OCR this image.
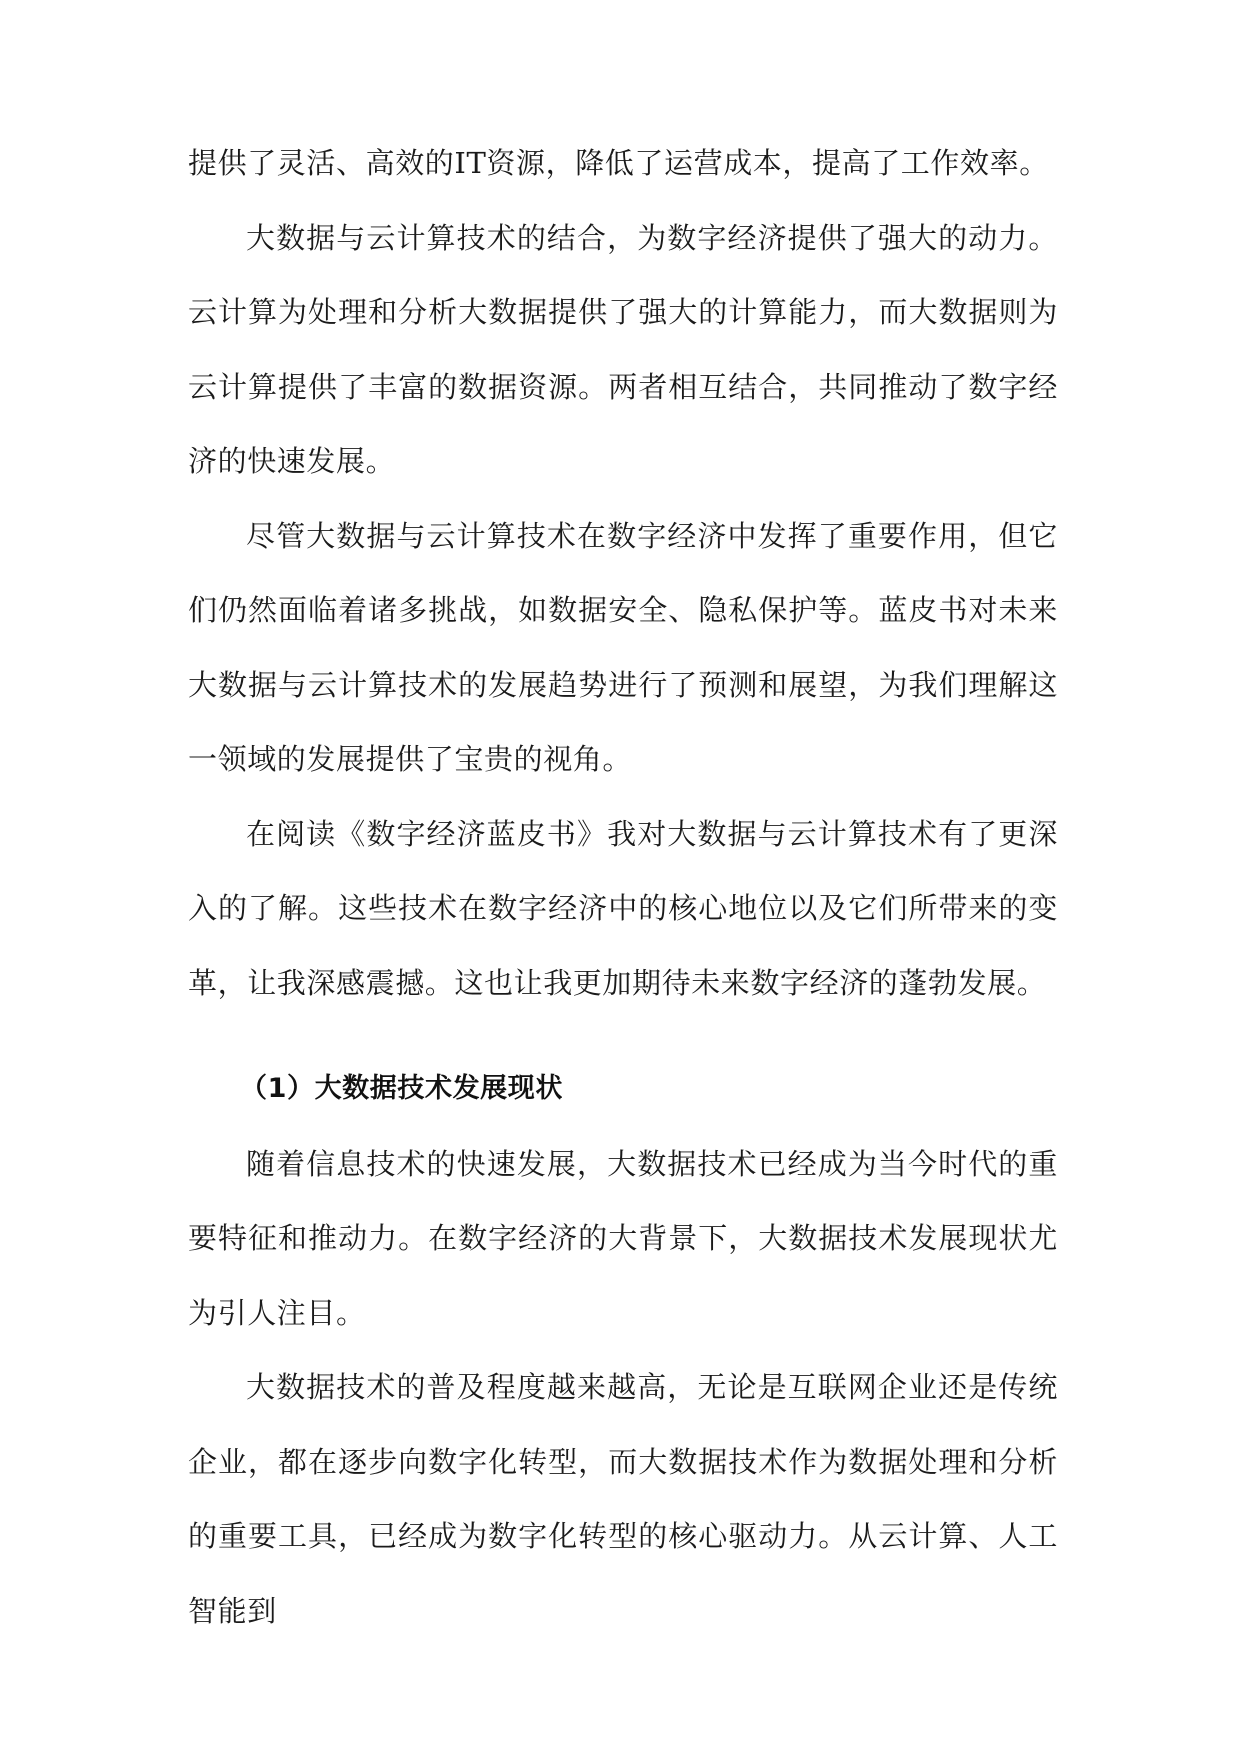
提供了灵活、高效的IT资源，降低了运营成本，提高了工作效率。

大数据与云计算技术的结合，为数字经济提供了强大的动力。云计算为处理和分析大数据提供了强大的计算能力，而大数据则为云计算提供了丰富的数据资源。两者相互结合，共同推动了数字经济的快速发展。

尽管大数据与云计算技术在数字经济中发挥了重要作用，但它们仍然面临着诸多挑战，如数据安全、隐私保护等。蓝皮书对未来大数据与云计算技术的发展趋势进行了预测和展望，为我们理解这一领域的发展提供了宝贵的视角。

在阅读《数字经济蓝皮书》我对大数据与云计算技术有了更深入的了解。这些技术在数字经济中的核心地位以及它们所带来的变革，让我深感震撼。这也让我更加期待未来数字经济的蓬勃发展。

（1）大数据技术发展现状

随着信息技术的快速发展，大数据技术已经成为当今时代的重要特征和推动力。在数字经济的大背景下，大数据技术发展现状尤为引人注目。

大数据技术的普及程度越来越高，无论是互联网企业还是传统企业，都在逐步向数字化转型，而大数据技术作为数据处理和分析的重要工具，已经成为数字化转型的核心驱动力。从云计算、人工智能到
